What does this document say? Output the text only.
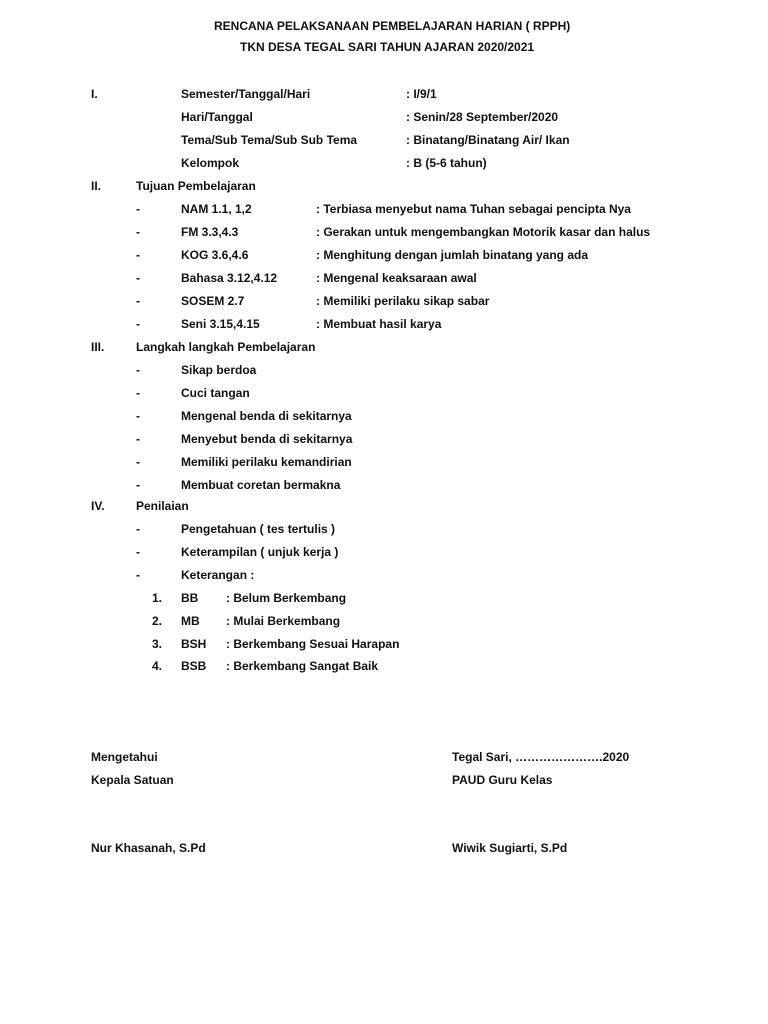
RENCANA PELAKSANAAN PEMBELAJARAN HARIAN ( RPPH)
TKN DESA TEGAL SARI TAHUN AJARAN 2020/2021
I.	Semester/Tanggal/Hari	: I/9/1
Hari/Tanggal	: Senin/28 September/2020
Tema/Sub Tema/Sub Sub Tema	: Binatang/Binatang Air/ Ikan
Kelompok	: B (5-6 tahun)
II.	Tujuan Pembelajaran
-	NAM 1.1, 1,2	: Terbiasa menyebut nama Tuhan sebagai pencipta Nya
-	FM 3.3,4.3	: Gerakan untuk mengembangkan Motorik kasar dan halus
-	KOG 3.6,4.6	: Menghitung dengan jumlah binatang yang ada
-	Bahasa 3.12,4.12	: Mengenal keaksaraan awal
-	SOSEM 2.7	: Memiliki perilaku sikap sabar
-	Seni 3.15,4.15	: Membuat hasil karya
III.	Langkah langkah Pembelajaran
-	Sikap berdoa
-	Cuci tangan
-	Mengenal benda di sekitarnya
-	Menyebut benda di sekitarnya
-	Memiliki perilaku kemandirian
-	Membuat coretan bermakna
IV.	Penilaian
-	Pengetahuan ( tes tertulis )
-	Keterampilan ( unjuk kerja )
-	Keterangan :
1. BB : Belum Berkembang
2. MB : Mulai Berkembang
3. BSH : Berkembang Sesuai Harapan
4. BSB : Berkembang Sangat Baik
Mengetahui
Kepala Satuan
Nur Khasanah, S.Pd
Tegal Sari, ………………….2020
PAUD Guru Kelas
Wiwik Sugiarti, S.Pd
